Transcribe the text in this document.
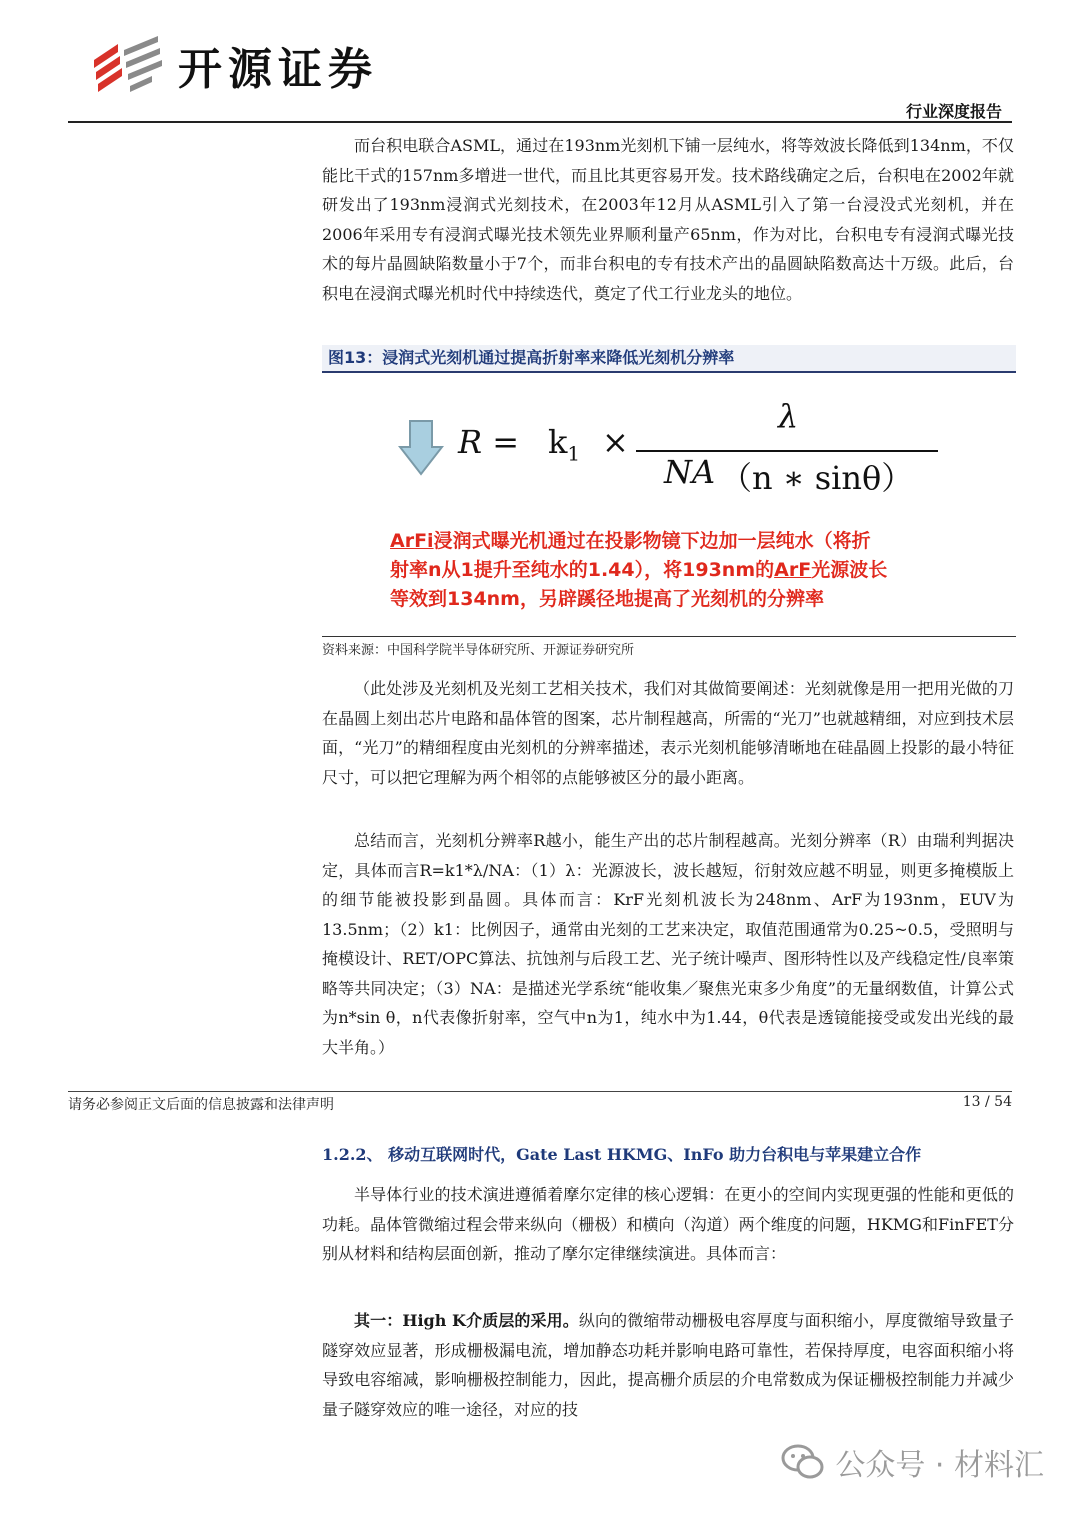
开源证券
行业深度报告

而台积电联合ASML，通过在193nm光刻机下铺一层纯水，将等效波长降低到134nm，不仅能比干式的157nm多增进一世代，而且比其更容易开发。技术路线确定之后，台积电在2002年就研发出了193nm浸润式光刻技术，在2003年12月从ASML引入了第一台浸没式光刻机，并在2006年采用专有浸润式曝光技术领先业界顺利量产65nm，作为对比，台积电专有浸润式曝光技术的每片晶圆缺陷数量小于7个，而非台积电的专有技术产出的晶圆缺陷数高达十万级。此后，台积电在浸润式曝光机时代中持续迭代，奠定了代工行业龙头的地位。

图13：浸润式光刻机通过提高折射率来降低光刻机分辨率
$R = k_1$ ×
λ
NA （n ∗ sinθ）
ArFi浸润式曝光机通过在投影物镜下边加一层纯水（将折
射率n从1提升至纯水的1.44），将193nm的ArF光源波长
等效到134nm，另辟蹊径地提高了光刻机的分辨率
资料来源：中国科学院半导体研究所、开源证券研究所

（此处涉及光刻机及光刻工艺相关技术，我们对其做简要阐述：光刻就像是用一把用光做的刀在晶圆上刻出芯片电路和晶体管的图案，芯片制程越高，所需的“光刀”也就越精细，对应到技术层面，“光刀”的精细程度由光刻机的分辨率描述，表示光刻机能够清晰地在硅晶圆上投影的最小特征尺寸，可以把它理解为两个相邻的点能够被区分的最小距离。

总结而言，光刻机分辨率R越小，能生产出的芯片制程越高。光刻分辨率（R）由瑞利判据决定，具体而言R=k1*λ/NA：（1）λ：光源波长，波长越短，衍射效应越不明显，则更多掩模版上的细节能被投影到晶圆。具体而言：KrF光刻机波长为248nm、ArF为193nm，EUV为13.5nm；（2）k1：比例因子，通常由光刻的工艺来决定，取值范围通常为0.25~0.5，受照明与掩模设计、RET/OPC算法、抗蚀剂与后段工艺、光子统计噪声、图形特性以及产线稳定性/良率策略等共同决定；（3）NA：是描述光学系统“能收集／聚焦光束多少角度”的无量纲数值，计算公式为n*sin θ，n代表像折射率，空气中n为1，纯水中为1.44，θ代表是透镜能接受或发出光线的最大半角。）

1.2.2、 移动互联网时代，Gate Last HKMG、InFo 助力台积电与苹果建立合作

半导体行业的技术演进遵循着摩尔定律的核心逻辑：在更小的空间内实现更强的性能和更低的功耗。晶体管微缩过程会带来纵向（栅极）和横向（沟道）两个维度的问题，HKMG和FinFET分别从材料和结构层面创新，推动了摩尔定律继续演进。具体而言：

其一：High K介质层的采用。纵向的微缩带动栅极电容厚度与面积缩小，厚度微缩导致量子隧穿效应显著，形成栅极漏电流，增加静态功耗并影响电路可靠性，若保持厚度，电容面积缩小将导致电容缩减，影响栅极控制能力，因此，提高栅介质层的介电常数成为保证栅极控制能力并减少量子隧穿效应的唯一途径，对应的技

请务必参阅正文后面的信息披露和法律声明	13 / 54
公众号 · 材料汇
